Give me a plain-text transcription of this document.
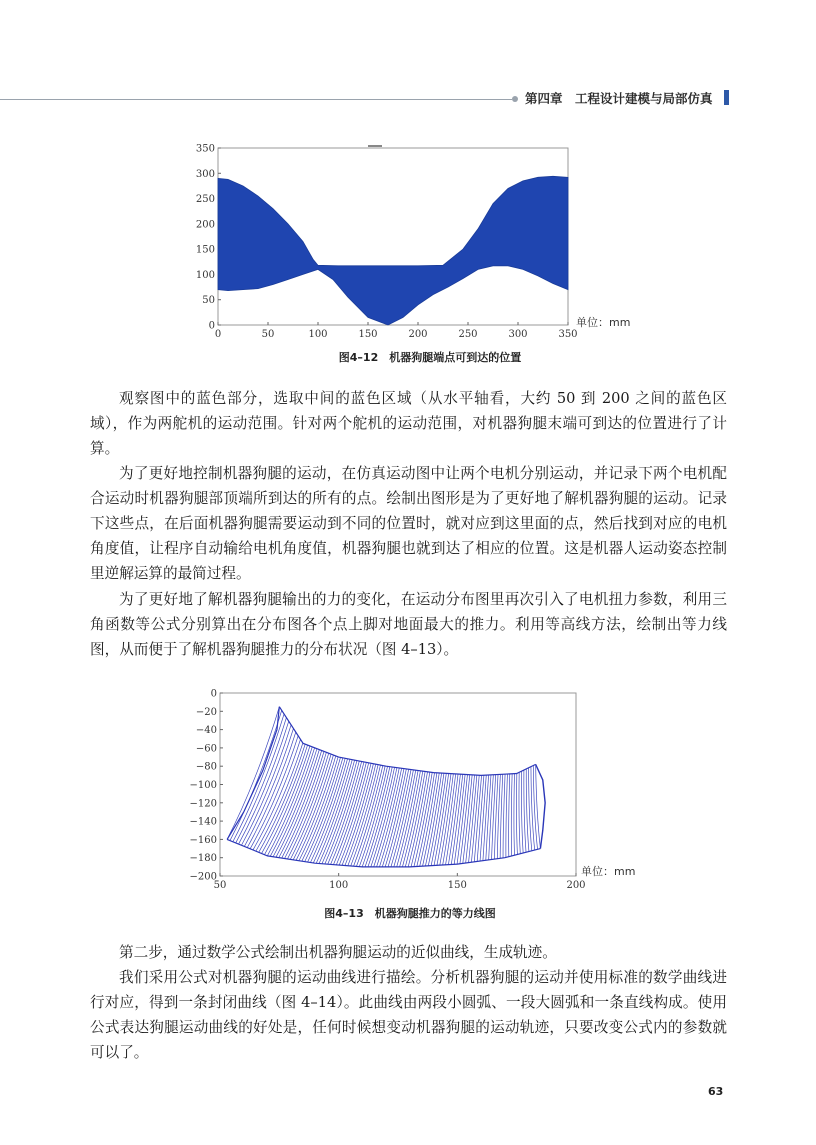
第四章　工程设计建模与局部仿真
0	50	100	150	200	250	300	350
0
50
100
150
200
250
300
350
单位：mm
图4–12　机器狗腿端点可到达的位置

观察图中的蓝色部分，选取中间的蓝色区域（从水平轴看，大约 50 到 200 之间的蓝色区域），作为两舵机的运动范围。针对两个舵机的运动范围，对机器狗腿末端可到达的位置进行了计算。

为了更好地控制机器狗腿的运动，在仿真运动图中让两个电机分别运动，并记录下两个电机配合运动时机器狗腿部顶端所到达的所有的点。绘制出图形是为了更好地了解机器狗腿的运动。记录下这些点，在后面机器狗腿需要运动到不同的位置时，就对应到这里面的点，然后找到对应的电机角度值，让程序自动输给电机角度值，机器狗腿也就到达了相应的位置。这是机器人运动姿态控制里逆解运算的最简过程。

为了更好地了解机器狗腿输出的力的变化，在运动分布图里再次引入了电机扭力参数，利用三角函数等公式分别算出在分布图各个点上脚对地面最大的推力。利用等高线方法，绘制出等力线图，从而便于了解机器狗腿推力的分布状况（图 4–13）。

50	100	150	200
0
−20
−40
−60
−80
−100
−120
−140
−160
−180
−200	单位：mm
图4–13　机器狗腿推力的等力线图

第二步，通过数学公式绘制出机器狗腿运动的近似曲线，生成轨迹。

我们采用公式对机器狗腿的运动曲线进行描绘。分析机器狗腿的运动并使用标准的数学曲线进行对应，得到一条封闭曲线（图 4–14）。此曲线由两段小圆弧、一段大圆弧和一条直线构成。使用公式表达狗腿运动曲线的好处是，任何时候想变动机器狗腿的运动轨迹，只要改变公式内的参数就可以了。

63
